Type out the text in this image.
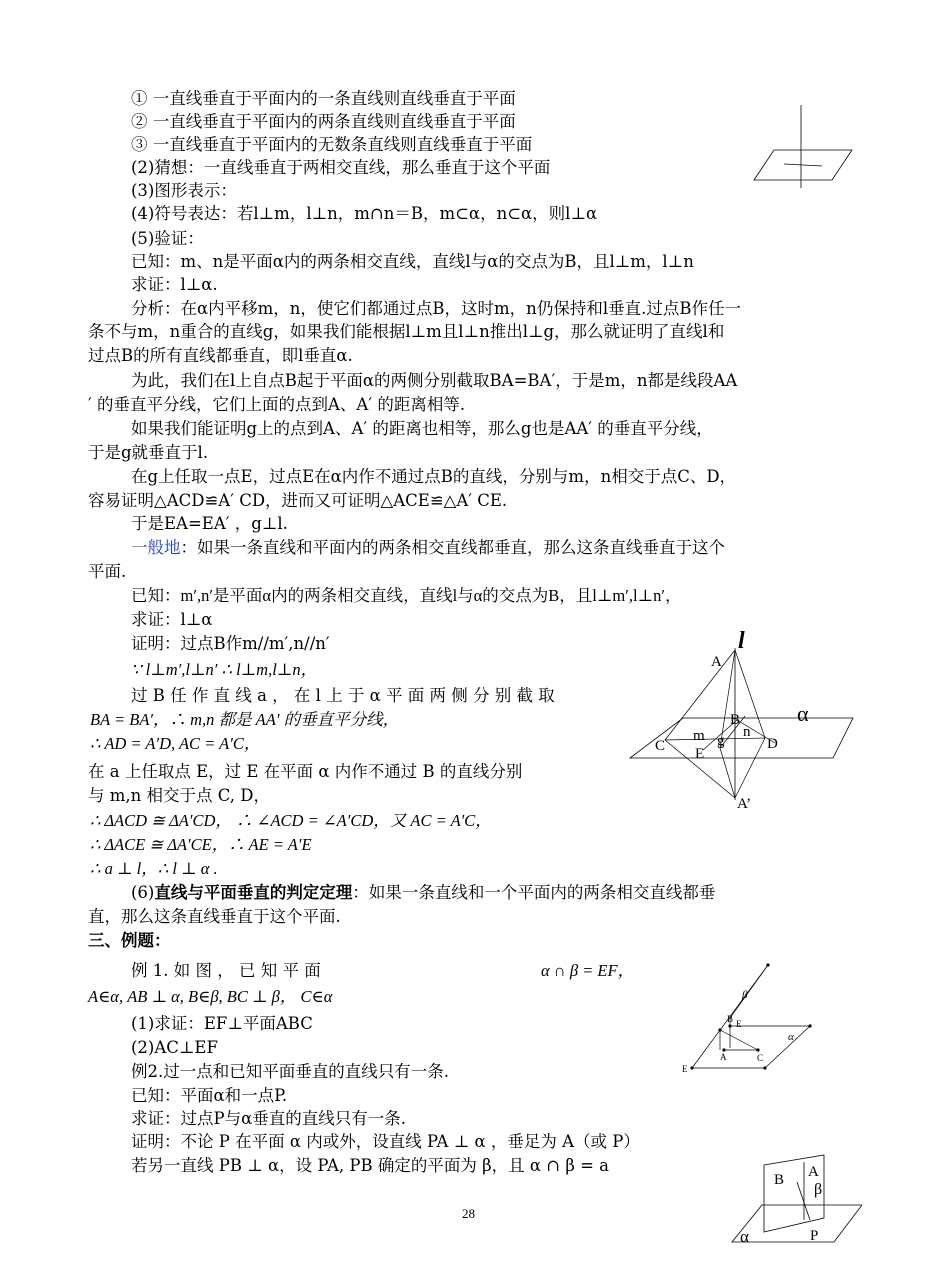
① 一直线垂直于平面内的一条直线则直线垂直于平面
② 一直线垂直于平面内的两条直线则直线垂直于平面
③ 一直线垂直于平面内的无数条直线则直线垂直于平面
(2)猜想：一直线垂直于两相交直线，那么垂直于这个平面
(3)图形表示：
(4)符号表达：若l⊥m，l⊥n，m∩n＝B，m⊂α，n⊂α，则l⊥α
(5)验证：
已知：m、n是平面α内的两条相交直线，直线l与α的交点为B，且l⊥m，l⊥n
求证：l⊥α.
分析：在α内平移m，n，使它们都通过点B，这时m，n仍保持和l垂直.过点B作任一
条不与m，n重合的直线g，如果我们能根据l⊥m且l⊥n推出l⊥g，那么就证明了直线l和
过点B的所有直线都垂直，即l垂直α.
为此，我们在l上自点B起于平面α的两侧分别截取BA=BA′，于是m，n都是线段AA
′ 的垂直平分线，它们上面的点到A、A′ 的距离相等.
如果我们能证明g上的点到A、A′ 的距离也相等，那么g也是AA′ 的垂直平分线，
于是g就垂直于l.
在g上任取一点E，过点E在α内作不通过点B的直线，分别与m，n相交于点C、D，
容易证明△ACD≌A′ CD，进而又可证明△ACE≌△A′ CE.
于是EA=EA′ ，g⊥l.
一般地：如果一条直线和平面内的两条相交直线都垂直，那么这条直线垂直于这个
平面.
已知：m′,n′是平面α内的两条相交直线，直线l与α的交点为B，且l⊥m′,l⊥n′，
求证：l⊥α
证明：过点B作m//m′,n//n′
∵ l⊥m′,l⊥n′ ∴ l⊥m,l⊥n，
过 B 任 作 直 线 a ， 在 l 上 于 α 平 面 两 侧 分 别 截 取
BA = BA′，∴ m,n 都是 AA′ 的垂直平分线，
∴ AD = A′D, AC = A′C，
在 a 上任取点 E，过 E 在平面 α 内作不通过 B 的直线分别
与 m,n 相交于点 C, D，
∴ ΔACD ≅ ΔA′CD， ∴ ∠ACD = ∠A′CD，又 AC = A′C，
∴ ΔACE ≅ ΔA′CE，∴ AE = A′E
∴ a ⊥ l，∴ l ⊥ α .
(6)直线与平面垂直的判定定理：如果一条直线和一个平面内的两条相交直线都垂
直，那么这条直线垂直于这个平面.
三、例题：
例 1. 如 图 ， 已 知 平 面	α ∩ β = EF，
A∈α, AB ⊥ α, B∈β, BC ⊥ β， C∈α
(1)求证：EF⊥平面ABC
(2)AC⊥EF
例2.过一点和已知平面垂直的直线只有一条.
已知：平面α和一点P.
求证：过点P与α垂直的直线只有一条.
证明：不论 P 在平面 α 内或外，设直线 PA ⊥ α ，垂足为 A（或 P）
若另一直线 PB ⊥ α，设 PA, PB 确定的平面为 β，且 α ∩ β = a
28
l
A
α
B
n
m g
C	D
E
A’
β
B E
α
A	C
E
B A
β
α	P
